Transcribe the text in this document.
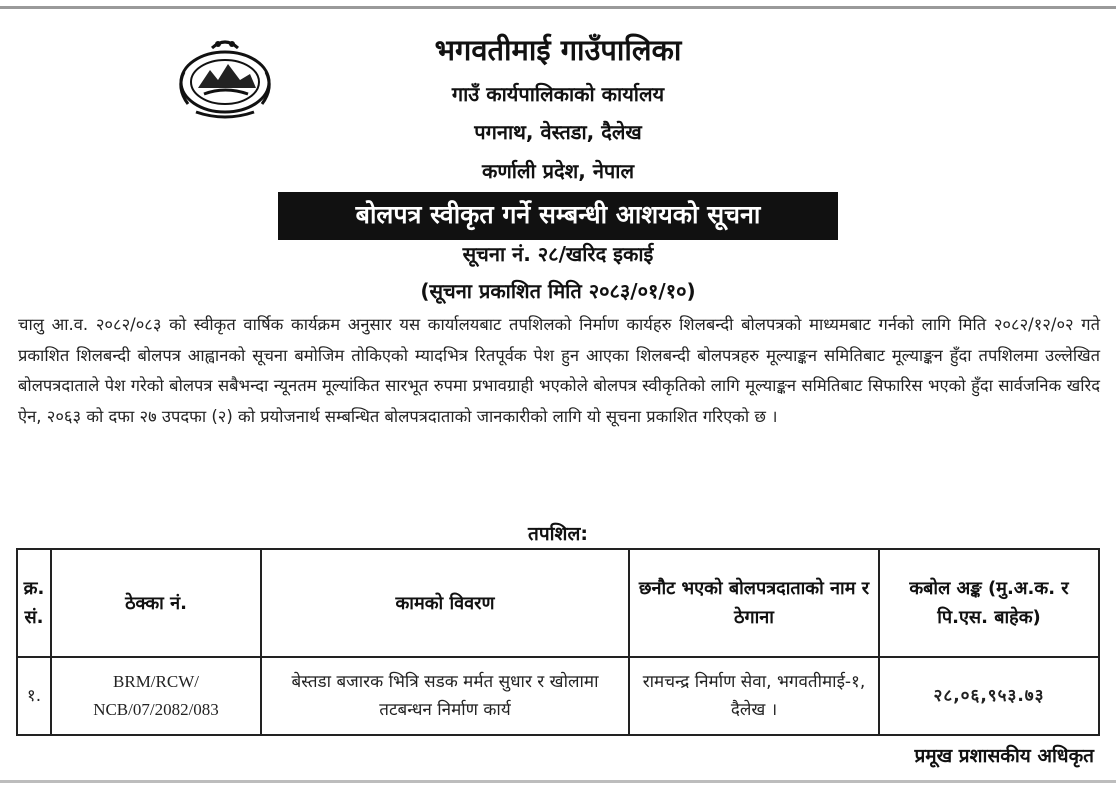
भगवतीमाई गाउँपालिका
गाउँ कार्यपालिकाको कार्यालय
पगनाथ, वेस्तडा, दैलेख
कर्णाली प्रदेश, नेपाल
बोलपत्र स्वीकृत गर्ने सम्बन्धी आशयको सूचना
सूचना नं. २८/खरिद इकाई
(सूचना प्रकाशित मिति २०८३/०१/१०)

चालु आ.व. २०८२/०८३ को स्वीकृत वार्षिक कार्यक्रम अनुसार यस कार्यालयबाट तपशिलको निर्माण कार्यहरु शिलबन्दी बोलपत्रको माध्यमबाट गर्नको लागि मिति २०८२/१२/०२ गते प्रकाशित शिलबन्दी बोलपत्र आह्वानको सूचना बमोजिम तोकिएको म्यादभित्र रितपूर्वक पेश हुन आएका शिलबन्दी बोलपत्रहरु मूल्याङ्कन समितिबाट मूल्याङ्कन हुँदा तपशिलमा उल्लेखित बोलपत्रदाताले पेश गरेको बोलपत्र सबैभन्दा न्यूनतम मूल्यांकित सारभूत रुपमा प्रभावग्राही भएकोले बोलपत्र स्वीकृतिको लागि मूल्याङ्कन समितिबाट सिफारिस भएको हुँदा सार्वजनिक खरिद ऐन, २०६३ को दफा २७ उपदफा (२) को प्रयोजनार्थ सम्बन्धित बोलपत्रदाताको जानकारीको लागि यो सूचना प्रकाशित गरिएको छ ।

तपशिल:
क्र. सं.	ठेक्का नं.	कामको विवरण	छनौट भएको बोलपत्रदाताको नाम र ठेगाना	कबोल अङ्क (मु.अ.क. र पि.एस. बाहेक)
१.	BRM/RCW/ NCB/07/2082/083	बेस्तडा बजारक भित्रि सडक मर्मत सुधार र खोलामा तटबन्धन निर्माण कार्य	रामचन्द्र निर्माण सेवा, भगवतीमाई-१, दैलेख ।	२८,०६,९५३.७३
प्रमूख प्रशासकीय अधिकृत
